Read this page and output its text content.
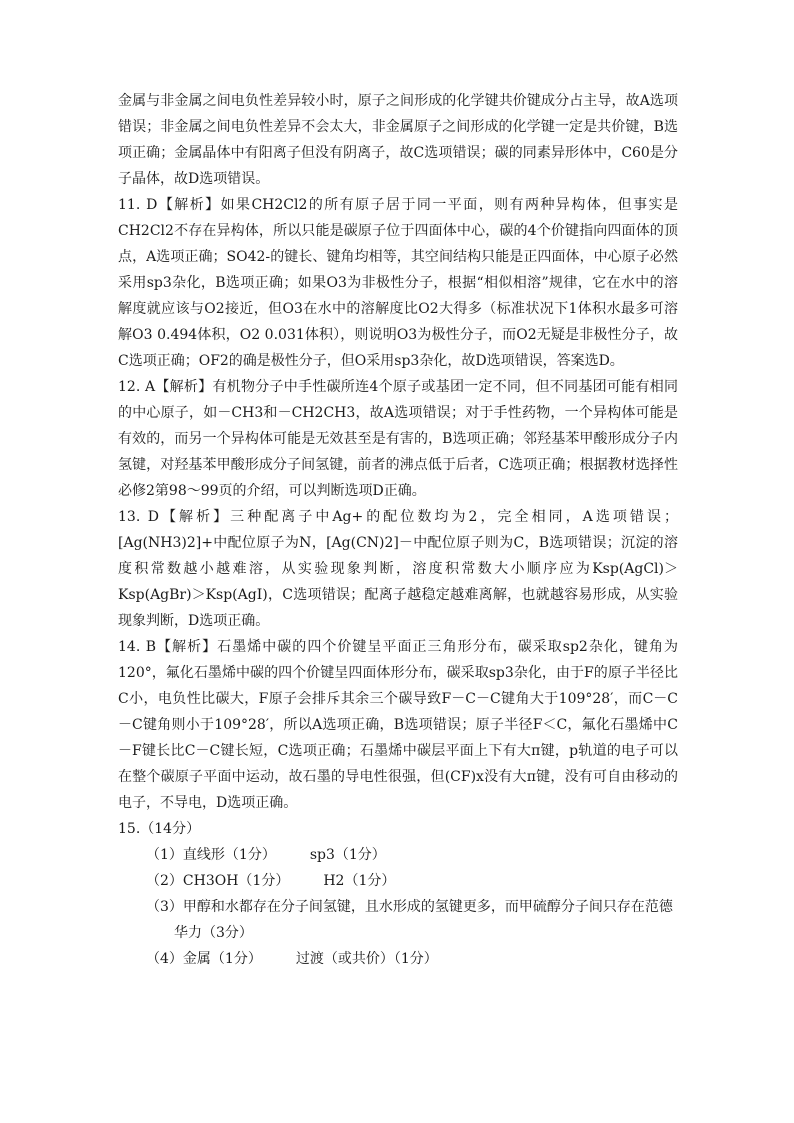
金属与非金属之间电负性差异较小时，原子之间形成的化学键共价键成分占主导，故A选项错误；非金属之间电负性差异不会太大，非金属原子之间形成的化学键一定是共价键，B选项正确；金属晶体中有阳离子但没有阴离子，故C选项错误；碳的同素异形体中，C60是分子晶体，故D选项错误。

11. D【解析】如果CH2Cl2的所有原子居于同一平面，则有两种异构体，但事实是CH2Cl2不存在异构体，所以只能是碳原子位于四面体中心，碳的4个价键指向四面体的顶点，A选项正确；SO42-的键长、键角均相等，其空间结构只能是正四面体，中心原子必然采用sp3杂化，B选项正确；如果O3为非极性分子，根据“相似相溶”规律，它在水中的溶解度就应该与O2接近，但O3在水中的溶解度比O2大得多（标准状况下1体积水最多可溶解O3 0.494体积，O2 0.031体积），则说明O3为极性分子，而O2无疑是非极性分子，故C选项正确；OF2的确是极性分子，但O采用sp3杂化，故D选项错误，答案选D。

12. A【解析】有机物分子中手性碳所连4个原子或基团一定不同，但不同基团可能有相同的中心原子，如－CH3和－CH2CH3，故A选项错误；对于手性药物，一个异构体可能是有效的，而另一个异构体可能是无效甚至是有害的，B选项正确；邻羟基苯甲酸形成分子内氢键，对羟基苯甲酸形成分子间氢键，前者的沸点低于后者，C选项正确；根据教材选择性必修2第98～99页的介绍，可以判断选项D正确。

13. D【解析】三种配离子中Ag+的配位数均为2，完全相同，A选项错误；[Ag(NH3)2]+中配位原子为N，[Ag(CN)2]－中配位原子则为C，B选项错误；沉淀的溶度积常数越小越难溶，从实验现象判断，溶度积常数大小顺序应为Ksp(AgCl)＞Ksp(AgBr)＞Ksp(AgI)，C选项错误；配离子越稳定越难离解，也就越容易形成，从实验现象判断，D选项正确。

14. B【解析】石墨烯中碳的四个价键呈平面正三角形分布，碳采取sp2杂化，键角为120°，氟化石墨烯中碳的四个价键呈四面体形分布，碳采取sp3杂化，由于F的原子半径比C小，电负性比碳大，F原子会排斥其余三个碳导致F－C－C键角大于109°28′，而C－C－C键角则小于109°28′，所以A选项正确，B选项错误；原子半径F＜C，氟化石墨烯中C－F键长比C－C键长短，C选项正确；石墨烯中碳层平面上下有大π键，p轨道的电子可以在整个碳原子平面中运动，故石墨的导电性很强，但(CF)x没有大π键，没有可自由移动的电子，不导电，D选项正确。

15.（14分）

（1）直线形（1分） sp3（1分）
（2）CH3OH（1分） H2（1分）
（3）甲醇和水都存在分子间氢键，且水形成的氢键更多，而甲硫醇分子间只存在范德华力（3分）
（4）金属（1分） 过渡（或共价）（1分）
